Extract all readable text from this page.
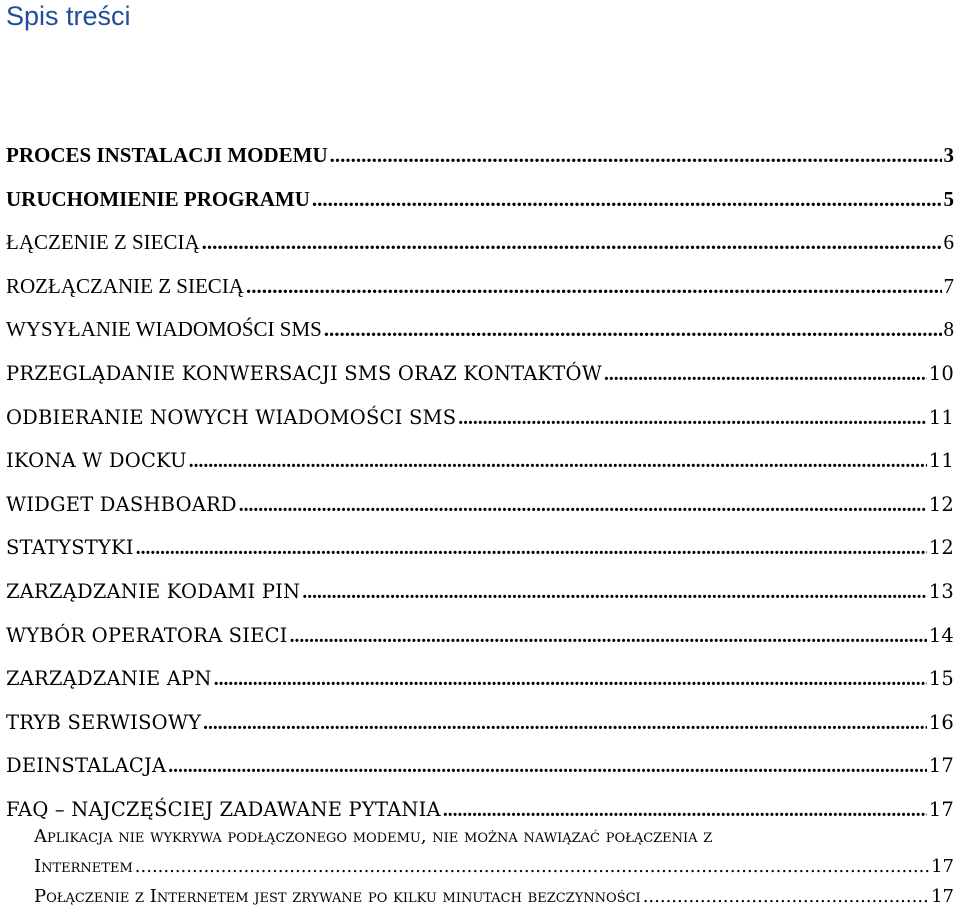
Spis treści
PROCES INSTALACJI MODEMU .....	3
URUCHOMIENIE PROGRAMU .....	5
ŁĄCZENIE Z SIECIĄ .....	6
ROZŁĄCZANIE Z SIECIĄ .....	7
WYSYŁANIE WIADOMOŚCI SMS .....	8
PRZEGLĄDANIE KONWERSACJI SMS ORAZ KONTAKTÓW .....	10
ODBIERANIE NOWYCH WIADOMOŚCI SMS .....	11
IKONA W DOCKU .....	11
WIDGET DASHBOARD .....	12
STATYSTYKI .....	12
ZARZĄDZANIE KODAMI PIN .....	13
WYBÓR OPERATORA SIECI .....	14
ZARZĄDZANIE APN .....	15
TRYB SERWISOWY .....	16
DEINSTALACJA .....	17
FAQ – NAJCZĘŚCIEJ ZADAWANE PYTANIA .....	17
Aplikacja nie wykrywa podłączonego modemu, nie można nawiązać połączenia z
Internetem .....	17
Połączenie z Internetem jest zrywane po kilku minutach bezczynności .....	17
